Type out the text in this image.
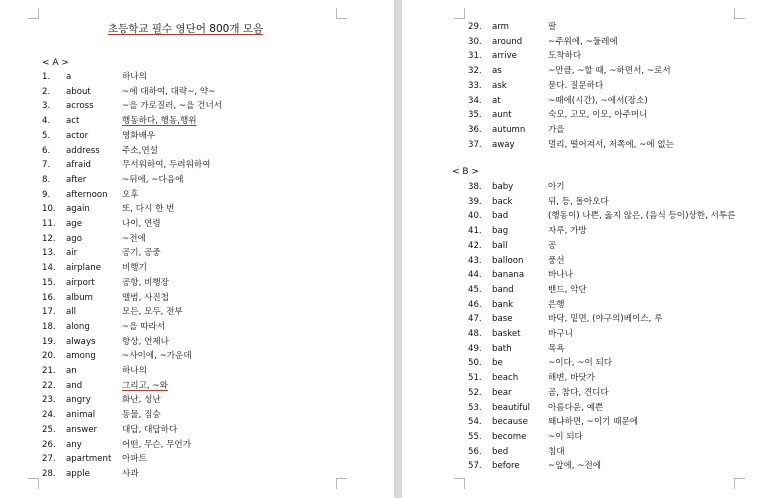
초등학교 필수 영단어 800개 모음
< A >
1. a	하나의
2. about	~에 대하여, 대략~, 약~
3. across	~을 가로질러, ~을 건너서
4. act	행동하다, 행동,행위
5. actor	영화배우
6. address	주소,연설
7. afraid	무서워하여, 두려워하여
8. after	~뒤에, ~다음에
9. afternoon 오후
10. again	또, 다시 한 번
11. age	나이, 연령
12. ago	~전에
13. air	공기, 공중
14. airplane 비행기
15. airport	공항, 비행장
16. album	앨범, 사진첩
17. all	모든, 모두, 전부
18. along	~을 따라서
19. always	항상, 언제나
20. among	~사이에, ~가운데
21. an	하나의
22. and	그리고, ~와
23. angry	화난, 성난
24. animal	동물, 짐승
25. answer	대답, 대답하다
26. any	어떤, 무슨, 무언가
27. apartment 아파트
28. apple	사과
29. arm	팔
30. around	~주위에, ~둘레에
31. arrive	도착하다
32. as	~만큼, ~할 때, ~하면서, ~로서
33. ask	묻다. 질문하다
34. at	~때에(시간), ~에서(장소)
35. aunt	숙모, 고모, 이모, 아주머니
36. autumn	가을
37. away	멀리, 떨어져서, 저쪽에, ~에 없는
< B >
38. baby	아기
39. back	뒤, 등, 돌아오다
40. bad	(행동이) 나쁜, 옳지 않은, (음식 등이)상한, 서투른
41. bag	자루, 가방
42. ball	공
43. balloon	풍선
44. banana	바나나
45. band	밴드, 악단
46. bank	은행
47. base	바닥, 밑면, (야구의)베이스, 루
48. basket	바구니
49. bath	목욕
50. be	~이다, ~이 되다
51. beach	해변, 바닷가
52. bear	곰, 참다, 견디다
53. beautiful 아름다운, 예쁜
54. because 왜냐하면, ~이기 때문에
55. become	~이 되다
56. bed	침대
57. before	~앞에, ~전에
